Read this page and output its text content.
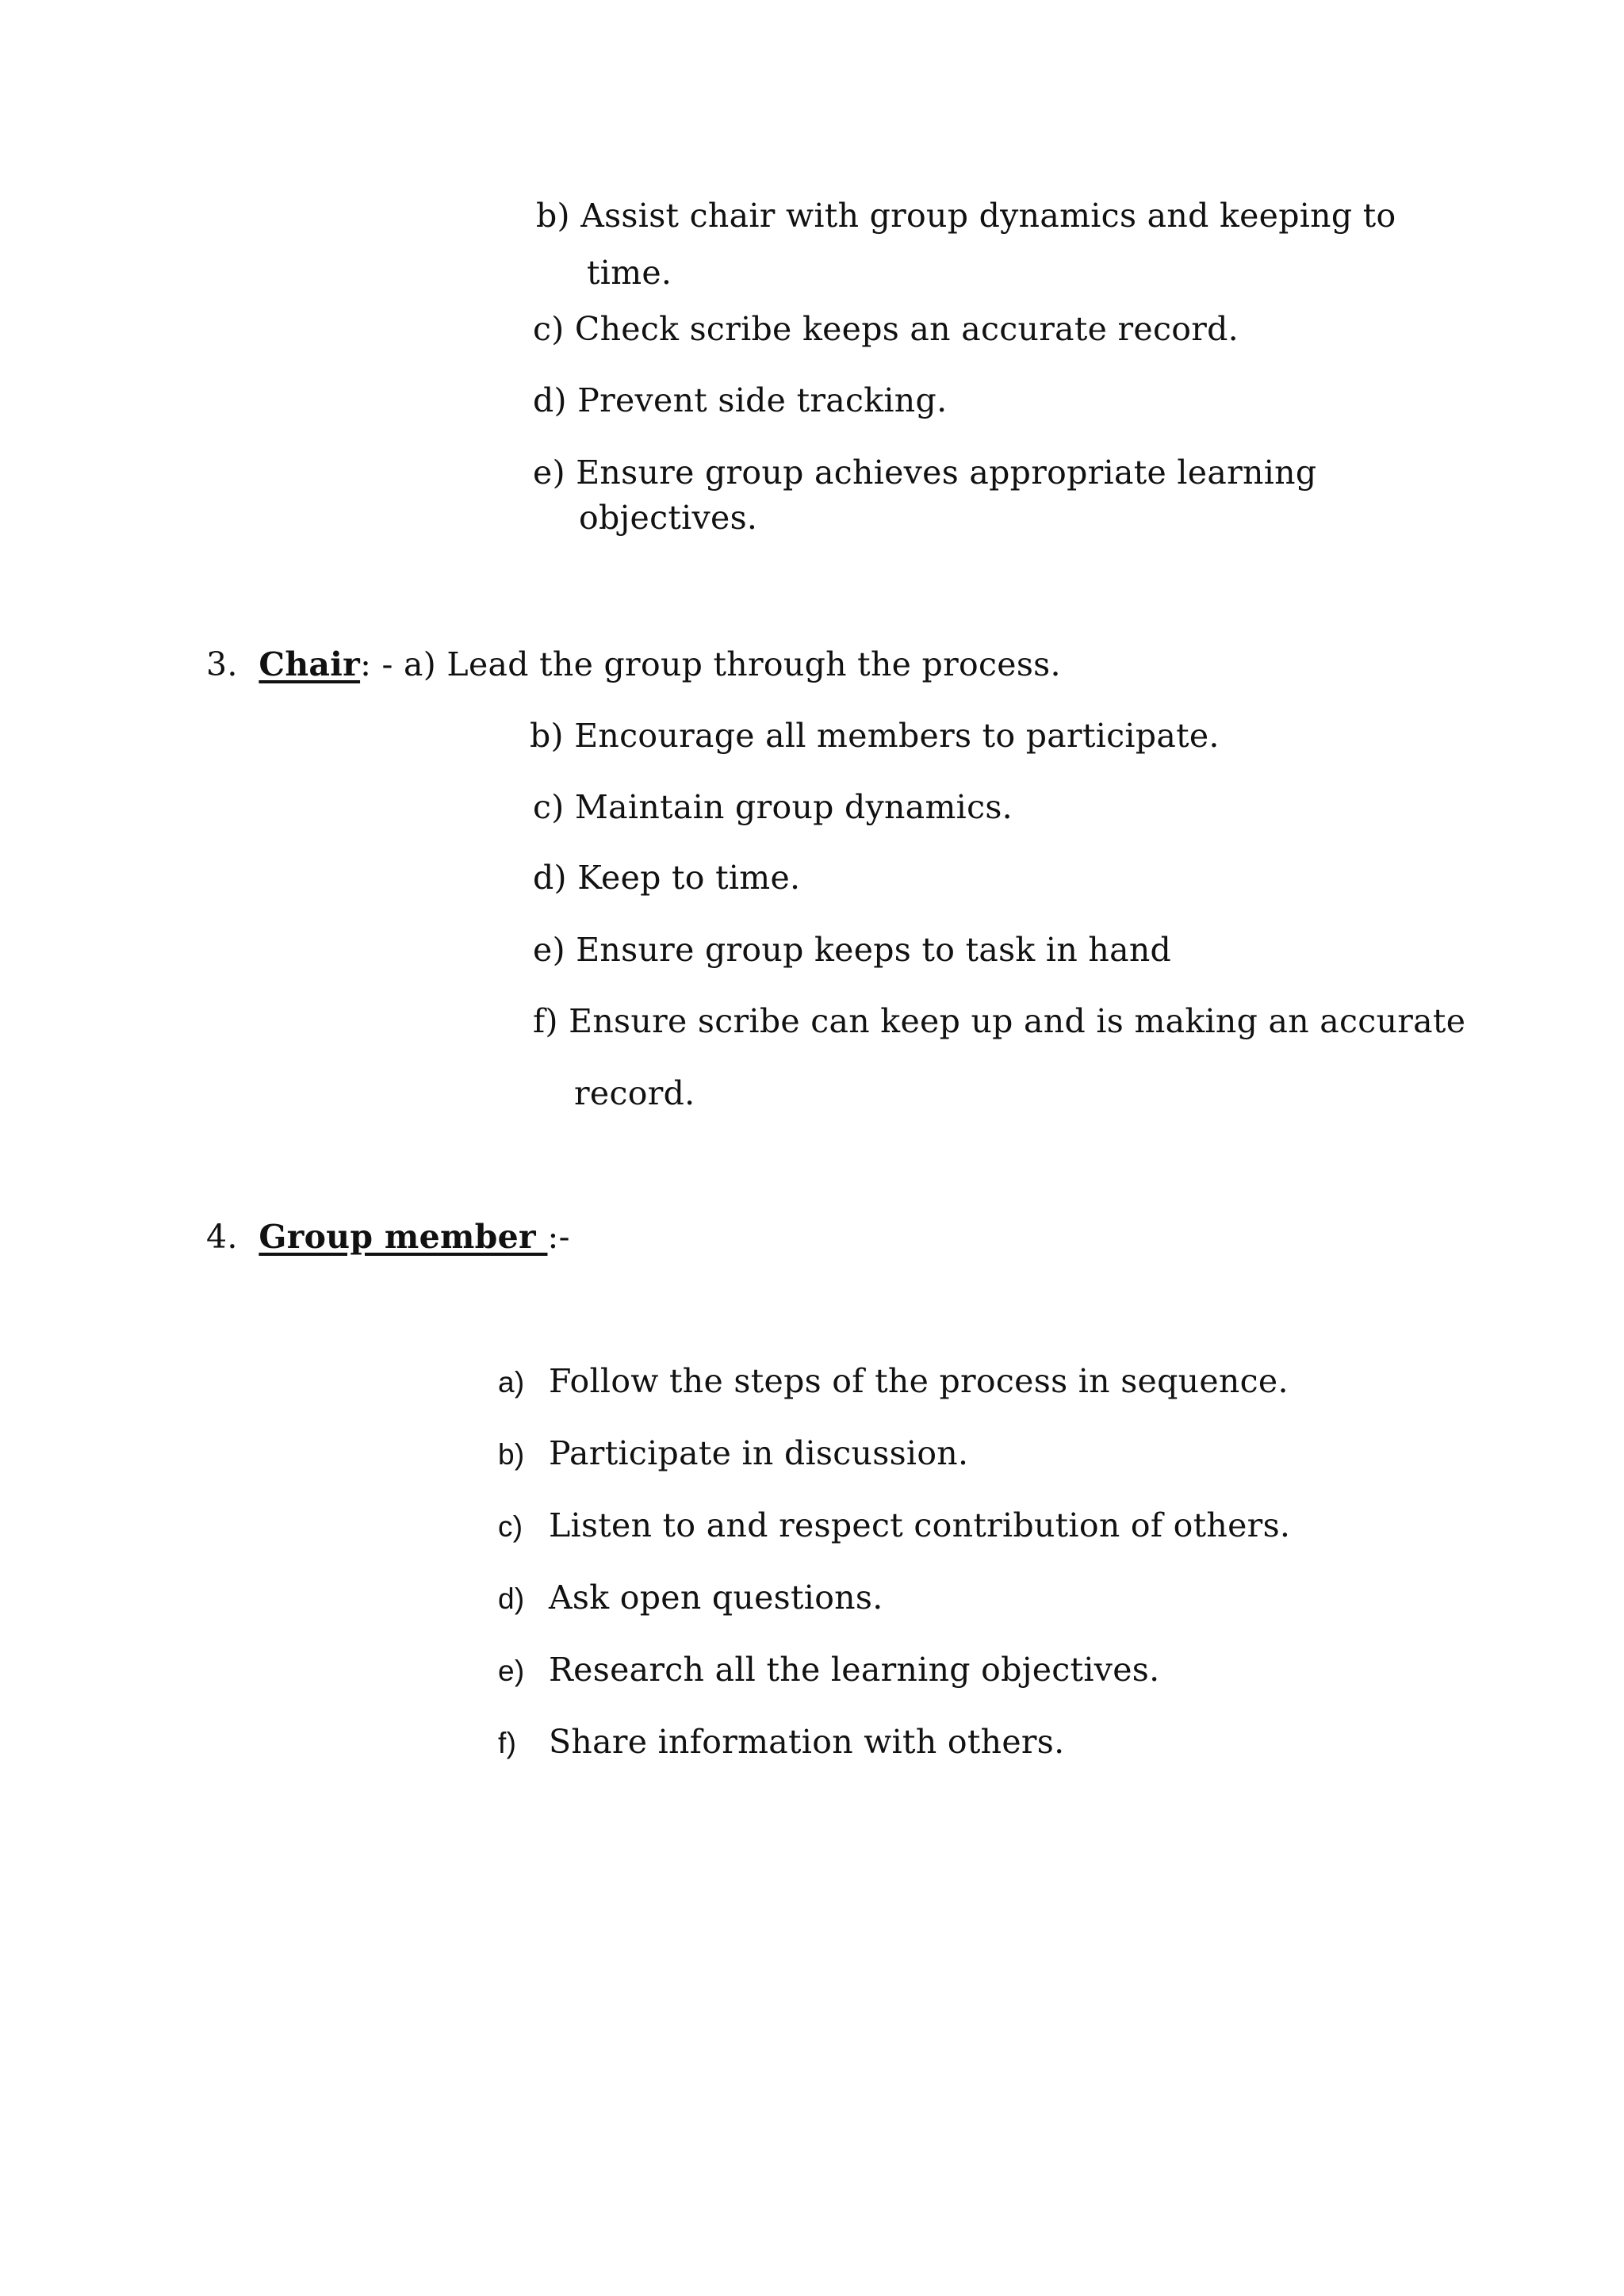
b) Assist chair with group dynamics and keeping to
time.
c) Check scribe keeps an accurate record.
d) Prevent side tracking.
e) Ensure group achieves appropriate learning
objectives.
3. Chair: - a) Lead the group through the process.
b) Encourage all members to participate.
c) Maintain group dynamics.
d) Keep to time.
e) Ensure group keeps to task in hand
f) Ensure scribe can keep up and is making an accurate
record.
4. Group member :-
a) Follow the steps of the process in sequence.
b) Participate in discussion.
c) Listen to and respect contribution of others.
d) Ask open questions.
e) Research all the learning objectives.
f) Share information with others.
